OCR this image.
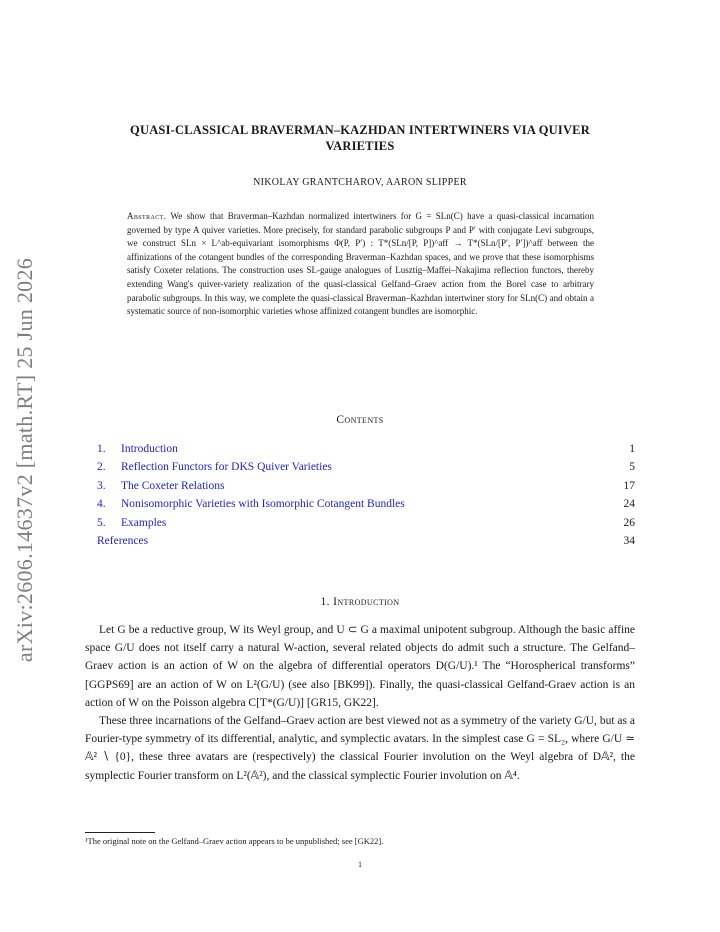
arXiv:2606.14637v2 [math.RT] 25 Jun 2026
QUASI-CLASSICAL BRAVERMAN–KAZHDAN INTERTWINERS VIA QUIVER VARIETIES
NIKOLAY GRANTCHAROV, AARON SLIPPER
Abstract. We show that Braverman–Kazhdan normalized intertwiners for G = SLn(C) have a quasi-classical incarnation governed by type A quiver varieties. More precisely, for standard parabolic subgroups P and P′ with conjugate Levi subgroups, we construct SLn × L^ab-equivariant isomorphisms Φ(P, P′) : T*(SLn/[P, P])^aff → T*(SLn/[P′, P′])^aff between the affinizations of the cotangent bundles of the corresponding Braverman–Kazhdan spaces, and we prove that these isomorphisms satisfy Coxeter relations. The construction uses SL-gauge analogues of Lusztig–Maffei–Nakajima reflection functors, thereby extending Wang's quiver-variety realization of the quasi-classical Gelfand–Graev action from the Borel case to arbitrary parabolic subgroups. In this way, we complete the quasi-classical Braverman–Kazhdan intertwiner story for SLn(C) and obtain a systematic source of non-isomorphic varieties whose affinized cotangent bundles are isomorphic.
Contents
1. Introduction	1
2. Reflection Functors for DKS Quiver Varieties	5
3. The Coxeter Relations	17
4. Nonisomorphic Varieties with Isomorphic Cotangent Bundles	24
5. Examples	26
References	34
1. Introduction

Let G be a reductive group, W its Weyl group, and U ⊂ G a maximal unipotent subgroup. Although the basic affine space G/U does not itself carry a natural W-action, several related objects do admit such a structure. The Gelfand–Graev action is an action of W on the algebra of differential operators D(G/U).¹ The “Horospherical transforms” [GGPS69] are an action of W on L²(G/U) (see also [BK99]). Finally, the quasi-classical Gelfand-Graev action is an action of W on the Poisson algebra C[T*(G/U)] [GR15, GK22].

These three incarnations of the Gelfand–Graev action are best viewed not as a symmetry of the variety G/U, but as a Fourier-type symmetry of its differential, analytic, and symplectic avatars. In the simplest case G = SL₂, where G/U ≃ 𝔸² ∖ {0}, these three avatars are (respectively) the classical Fourier involution on the Weyl algebra of D𝔸², the symplectic Fourier transform on L²(𝔸²), and the classical symplectic Fourier involution on 𝔸⁴.

¹The original note on the Gelfand–Graev action appears to be unpublished; see [GK22].
1
